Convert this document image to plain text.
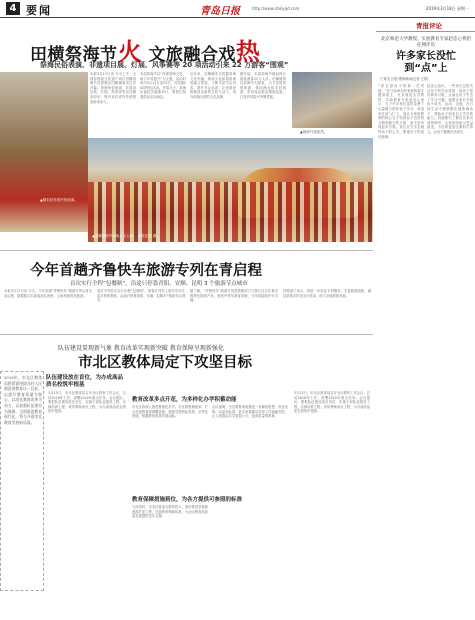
4 要闻	青岛日报	http://www.dailyqd.com	2019年3月18日 星期一
田横祭海节火 文旅融合戏热
祭海民俗表演、非遗项目展、灯展、风筝赛等 20 项活动引来 22 万游客“围观”
▲精彩纷呈的民俗表演。
本报3月17日讯 今天上午，全国非物质文化遗产项目田横祭海节在即墨区田横镇周戈庄村开幕。祭海民俗表演、非遗项目展、灯展、风筝赛等活动精彩纷呈，吸引来自省内外的游客前来参与。
本届祭海节以“传承祭海文化，助力乡村振兴”为主题，活动时间为3月17日至23日，共设置20项特色活动。开幕当天，祭海祈福仪式隆重举行，渔民们抬着供品走向海边。
近年来，田横镇充分挖掘祭海文化内涵，推动文化和旅游深度融合发展，不断丰富节会内容，提升节会品质，让传统民俗焕发出新的生机与活力，成为叫响全国的文化品牌。
据介绍，本届祭海节期间预计接待游客22万人次。田横镇将以祭海节为契机，大力发展民俗旅游、休闲渔业和乡村旅游，带动周边群众增收致富，打造乡村振兴齐鲁样板。
▲现场气氛热烈。
▲田横祭海节现场人山人海。 本报记者 摄
青报评论
北京师范大学教授、实验教育专家赵忠心将担任网评员
许多家长没忙到“点”上
□青岛日报/观海新闻记者 王娟
“家长是孩子的第一任老师。”在日前举办的家庭教育专题讲座上，北京师范大学教授、实验教育专家赵忠心表示，当下许多家长虽然花费了大量精力陪伴孩子学习，却没有忙到“点”上。他认为家庭教育的核心在于培养孩子良好的习惯和健全的人格，而不是单纯追求分数。家长应当学会倾听孩子的心声，尊重孩子的成长规律。
赵忠心指出，一些家长过度关注孩子的学业成绩，给孩子报各种补习班，反而让孩子失去了学习兴趣。他建议家长多陪孩子读书、运动、交流，在日常生活中潜移默化地影响孩子，帮助孩子形成自主学习的能力。讲座吸引了数百名家长到场聆听，大家纷纷表示受益匪浅，今后将更加注重科学育儿，让孩子健康快乐成长。
今年首趟齐鲁快车旅游专列在青启程
首次实行全程“包餐制”，沿途只停靠青阳、安顺、昆明 3 个旅游节点城市
本报3月17日讯 今天，今年首趟“齐鲁快车”旅游专列从青岛站启程，载着数百名游客前往贵州、云南等地观光旅游。
此次专列首次实行全程“包餐制”，游客在列车上即可享用丰富多样的餐食，沿途只停靠青阳、安顺、昆明3个旅游节点城市。
据了解，“齐鲁快车”旅游专列是铁路部门与旅行社合作推出的特色旅游产品，深受中老年游客青睐，今年将陆续开行多趟。
铁路部门表示，将进一步优化专列服务，丰富旅游线路，满足游客多样化出行需求，助力全域旅游发展。
队伍建设显现新气象 教育改革实现新突破 教育保障呈现新强化
市北区教体局定下攻坚目标
2019年，市北区教体局将紧紧围绕办好人民满意的教育这一目标，以提升教育质量为核心，以深化教育改革为动力，以加强队伍建设为保障，全面推进教育现代化，努力开创市北教育发展新局面。
队伍建设放在首位，为办成高品质名校筑牢根基
3月15日，市北区教体局召开全区教育工作会议，总结2018年工作，部署2019年重点任务。会议提出，要把队伍建设放在首位，实施干部队伍建设工程、名师培养工程、青年教师成长工程，为办成高品质名校筑牢根基。
教育改革多点开花，为多样化办学积蓄动能
市北区将深入推进集团化办学、学区制管理改革，扩大优质教育资源覆盖面，鼓励学校特色发展、多样化发展，积蓄教育改革发展动能。
会议强调，全区教育系统要进一步解放思想、攻坚克难，以更高标准、更实举措推动各项工作落地见效，让人民群众共享更加公平、更高质量的教育。
教育保障措施到位，为各方提供可参照的标准
与此同时，市北区将加大教育投入，加快推进学校新建改扩建工程，完善教育保障体系，为全区教育高质量发展提供坚实支撑。
3月15日，市北区教体局召开全区教育工作会议，总结2018年工作，部署2019年重点任务。会议提出，要把队伍建设放在首位，实施干部队伍建设工程、名师培养工程、青年教师成长工程，为办成高品质名校筑牢根基。
